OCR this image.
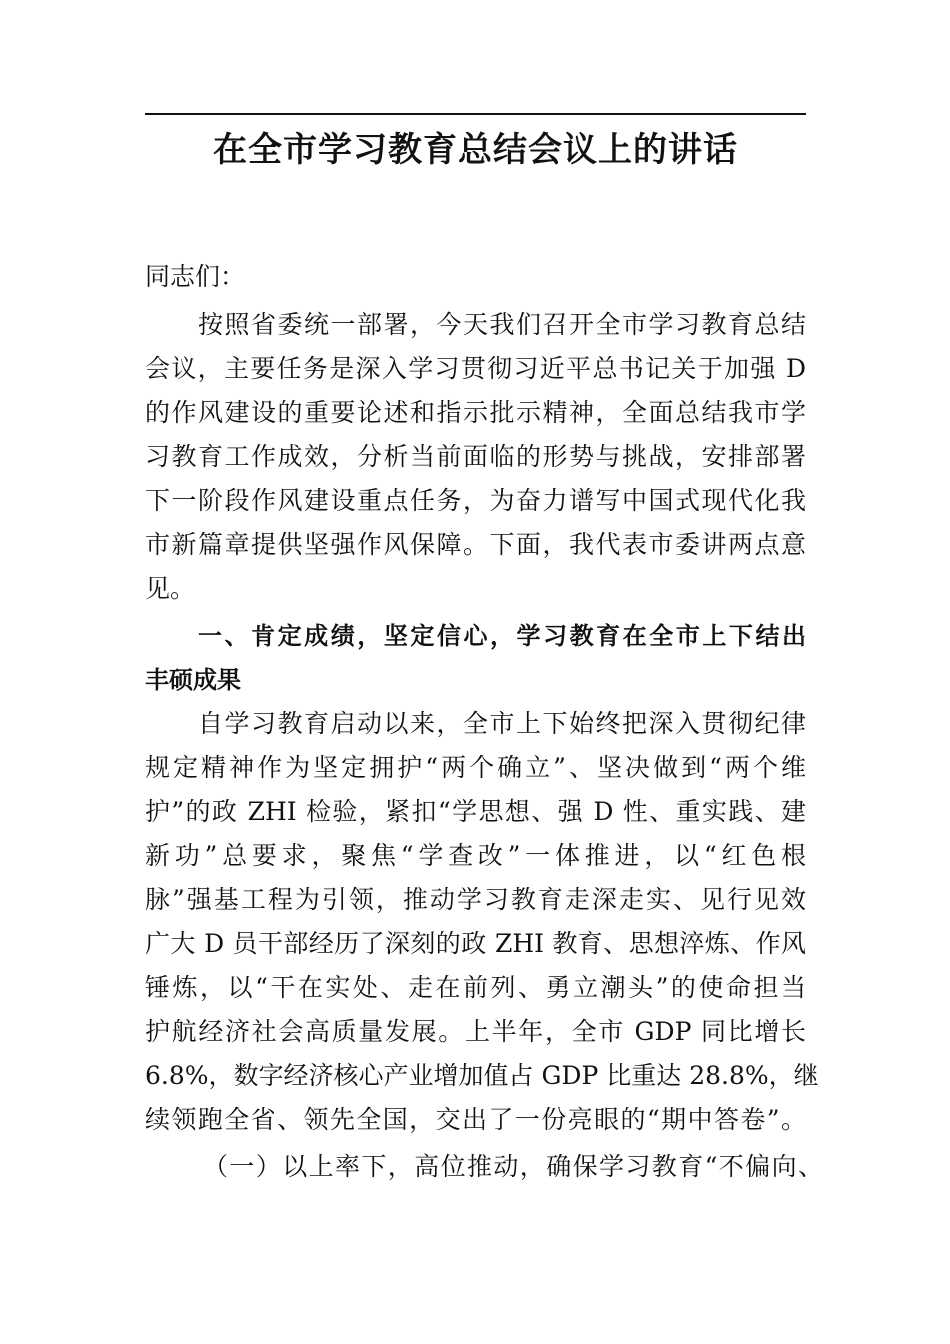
在全市学习教育总结会议上的讲话

同志们：

按照省委统一部署，今天我们召开全市学习教育总结

会议，主要任务是深入学习贯彻习近平总书记关于加强 D

的作风建设的重要论述和指示批示精神，全面总结我市学

习教育工作成效，分析当前面临的形势与挑战，安排部署

下一阶段作风建设重点任务，为奋力谱写中国式现代化我

市新篇章提供坚强作风保障。下面，我代表市委讲两点意

见。

一、肯定成绩，坚定信心，学习教育在全市上下结出

丰硕成果

自学习教育启动以来，全市上下始终把深入贯彻纪律

规定精神作为坚定拥护“两个确立”、坚决做到“两个维

护”的政 ZHI 检验，紧扣“学思想、强 D 性、重实践、建

新功”总要求，聚焦“学查改”一体推进，以“红色根

脉”强基工程为引领，推动学习教育走深走实、见行见效

广大 D 员干部经历了深刻的政 ZHI 教育、思想淬炼、作风

锤炼，以“干在实处、走在前列、勇立潮头”的使命担当

护航经济社会高质量发展。上半年，全市 GDP 同比增长

6.8%，数字经济核心产业增加值占 GDP 比重达 28.8%，继

续领跑全省、领先全国，交出了一份亮眼的“期中答卷”。

（一）以上率下，高位推动，确保学习教育“不偏向、
